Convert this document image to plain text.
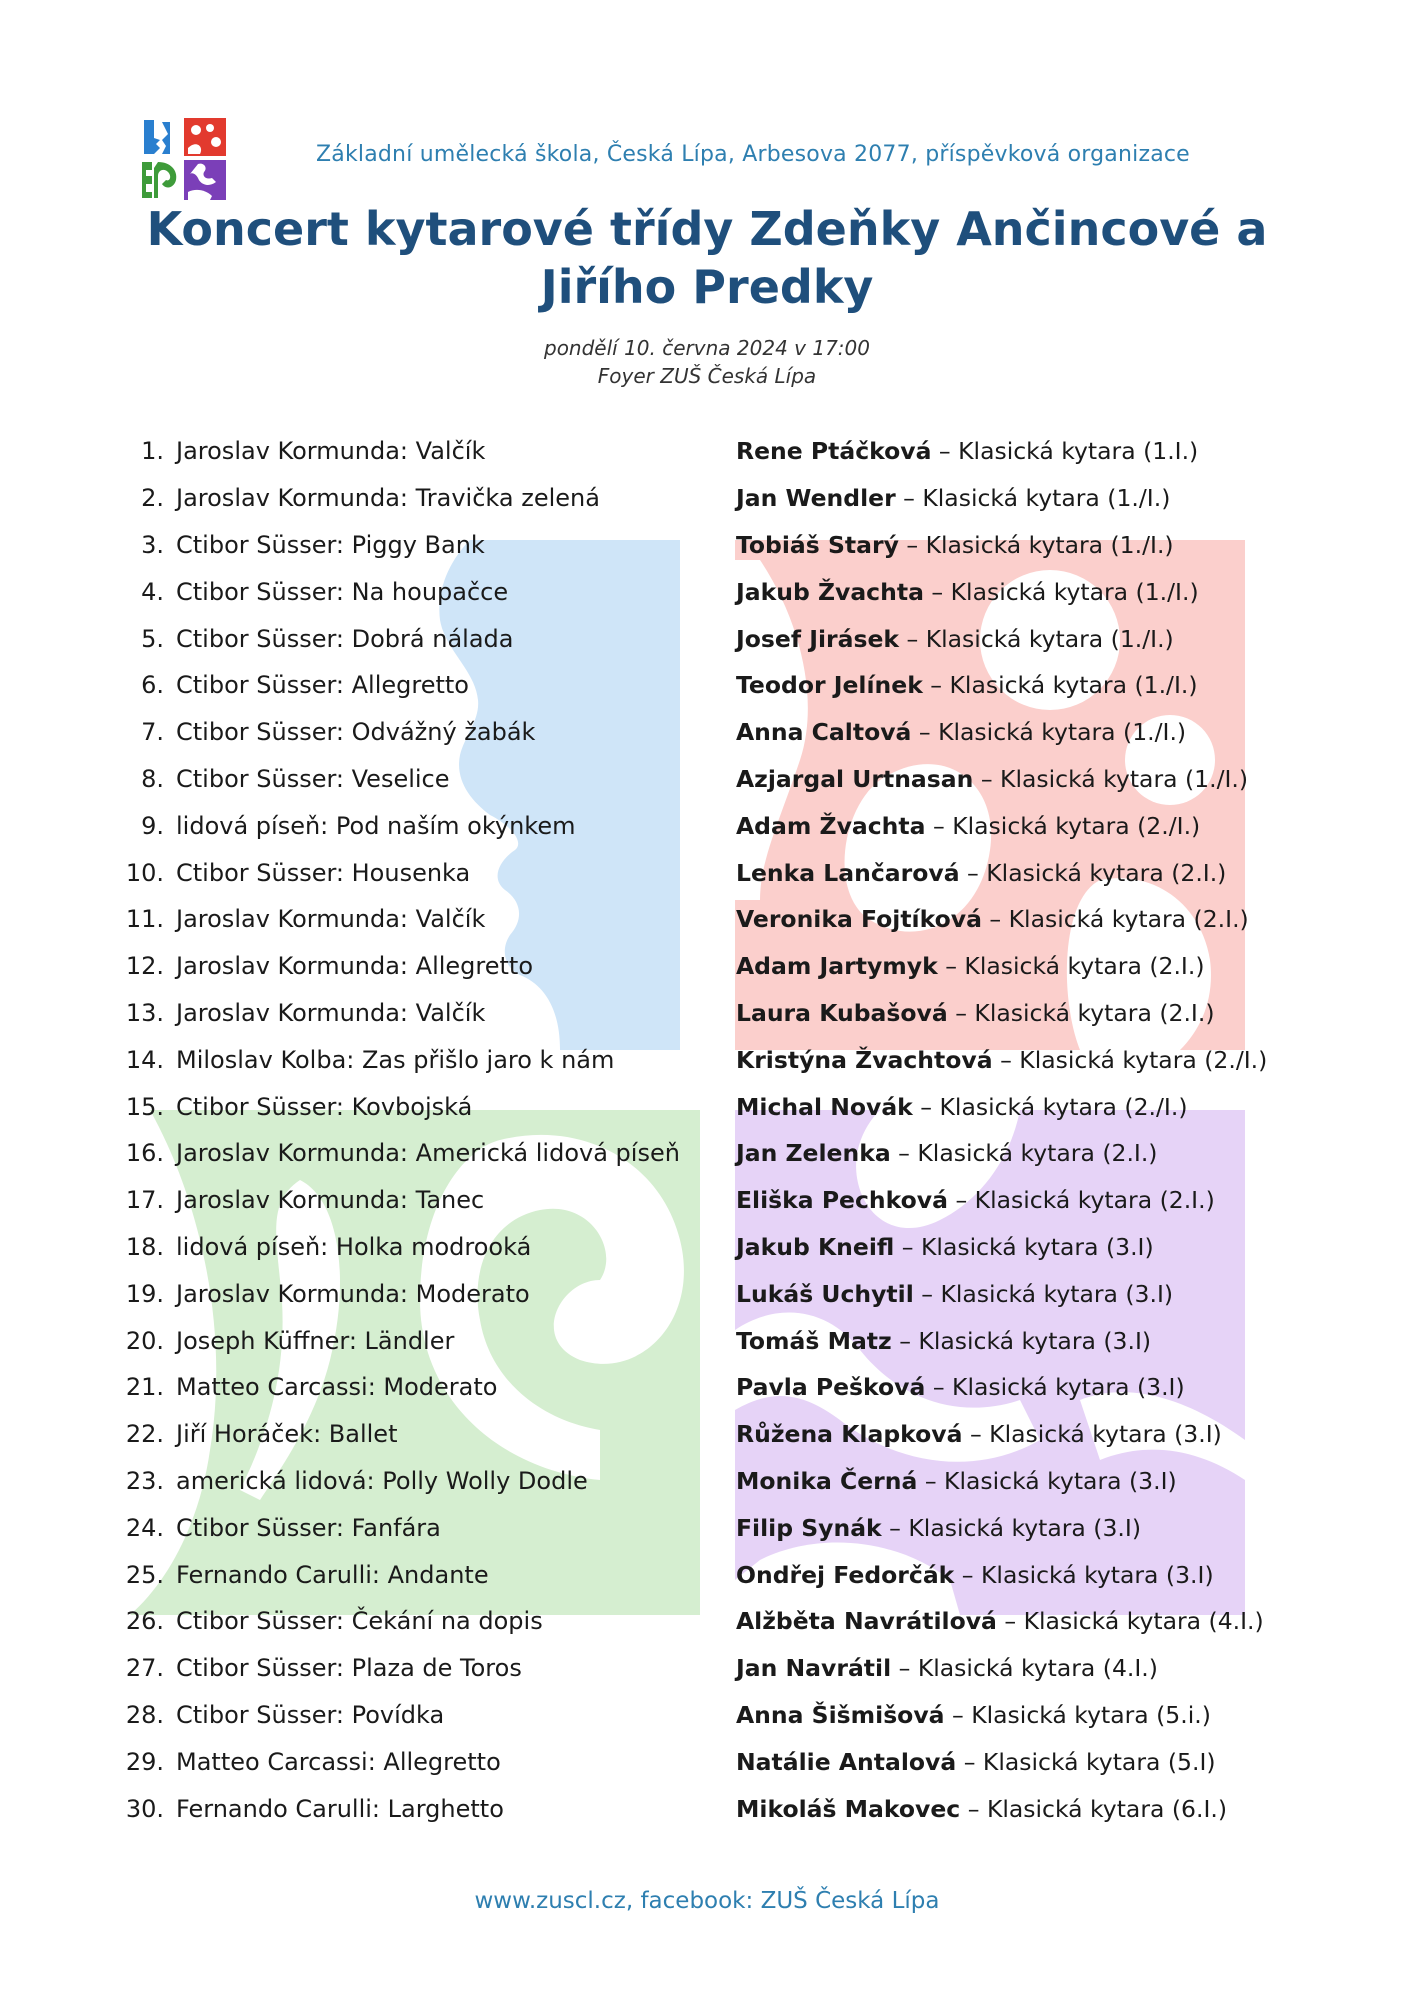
Základní umělecká škola, Česká Lípa, Arbesova 2077, příspěvková organizace
Koncert kytarové třídy Zdeňky Ančincové a Jiřího Predky
pondělí 10. června 2024 v 17:00
Foyer ZUŠ Česká Lípa
1. Jaroslav Kormunda: Valčík	Rene Ptáčková – Klasická kytara (1.I.)
2. Jaroslav Kormunda: Travička zelená	Jan Wendler – Klasická kytara (1./I.)
3. Ctibor Süsser: Piggy Bank	Tobiáš Starý – Klasická kytara (1./I.)
4. Ctibor Süsser: Na houpačce	Jakub Žvachta – Klasická kytara (1./I.)
5. Ctibor Süsser: Dobrá nálada	Josef Jirásek – Klasická kytara (1./I.)
6. Ctibor Süsser: Allegretto	Teodor Jelínek – Klasická kytara (1./I.)
7. Ctibor Süsser: Odvážný žabák	Anna Caltová – Klasická kytara (1./I.)
8. Ctibor Süsser: Veselice	Azjargal Urtnasan – Klasická kytara (1./I.)
9. lidová píseň: Pod naším okýnkem	Adam Žvachta – Klasická kytara (2./I.)
10. Ctibor Süsser: Housenka	Lenka Lančarová – Klasická kytara (2.I.)
11. Jaroslav Kormunda: Valčík	Veronika Fojtíková – Klasická kytara (2.I.)
12. Jaroslav Kormunda: Allegretto	Adam Jartymyk – Klasická kytara (2.I.)
13. Jaroslav Kormunda: Valčík	Laura Kubašová – Klasická kytara (2.I.)
14. Miloslav Kolba: Zas přišlo jaro k nám	Kristýna Žvachtová – Klasická kytara (2./I.)
15. Ctibor Süsser: Kovbojská	Michal Novák – Klasická kytara (2./I.)
16. Jaroslav Kormunda: Americká lidová píseň	Jan Zelenka – Klasická kytara (2.I.)
17. Jaroslav Kormunda: Tanec	Eliška Pechková – Klasická kytara (2.I.)
18. lidová píseň: Holka modrooká	Jakub Kneifl – Klasická kytara (3.I)
19. Jaroslav Kormunda: Moderato	Lukáš Uchytil – Klasická kytara (3.I)
20. Joseph Küffner: Ländler	Tomáš Matz – Klasická kytara (3.I)
21. Matteo Carcassi: Moderato	Pavla Pešková – Klasická kytara (3.I)
22. Jiří Horáček: Ballet	Růžena Klapková – Klasická kytara (3.I)
23. americká lidová: Polly Wolly Dodle	Monika Černá – Klasická kytara (3.I)
24. Ctibor Süsser: Fanfára	Filip Synák – Klasická kytara (3.I)
25. Fernando Carulli: Andante	Ondřej Fedorčák – Klasická kytara (3.I)
26. Ctibor Süsser: Čekání na dopis	Alžběta Navrátilová – Klasická kytara (4.I.)
27. Ctibor Süsser: Plaza de Toros	Jan Navrátil – Klasická kytara (4.I.)
28. Ctibor Süsser: Povídka	Anna Šišmišová – Klasická kytara (5.i.)
29. Matteo Carcassi: Allegretto	Natálie Antalová – Klasická kytara (5.I)
30. Fernando Carulli: Larghetto	Mikoláš Makovec – Klasická kytara (6.I.)
www.zuscl.cz, facebook: ZUŠ Česká Lípa
